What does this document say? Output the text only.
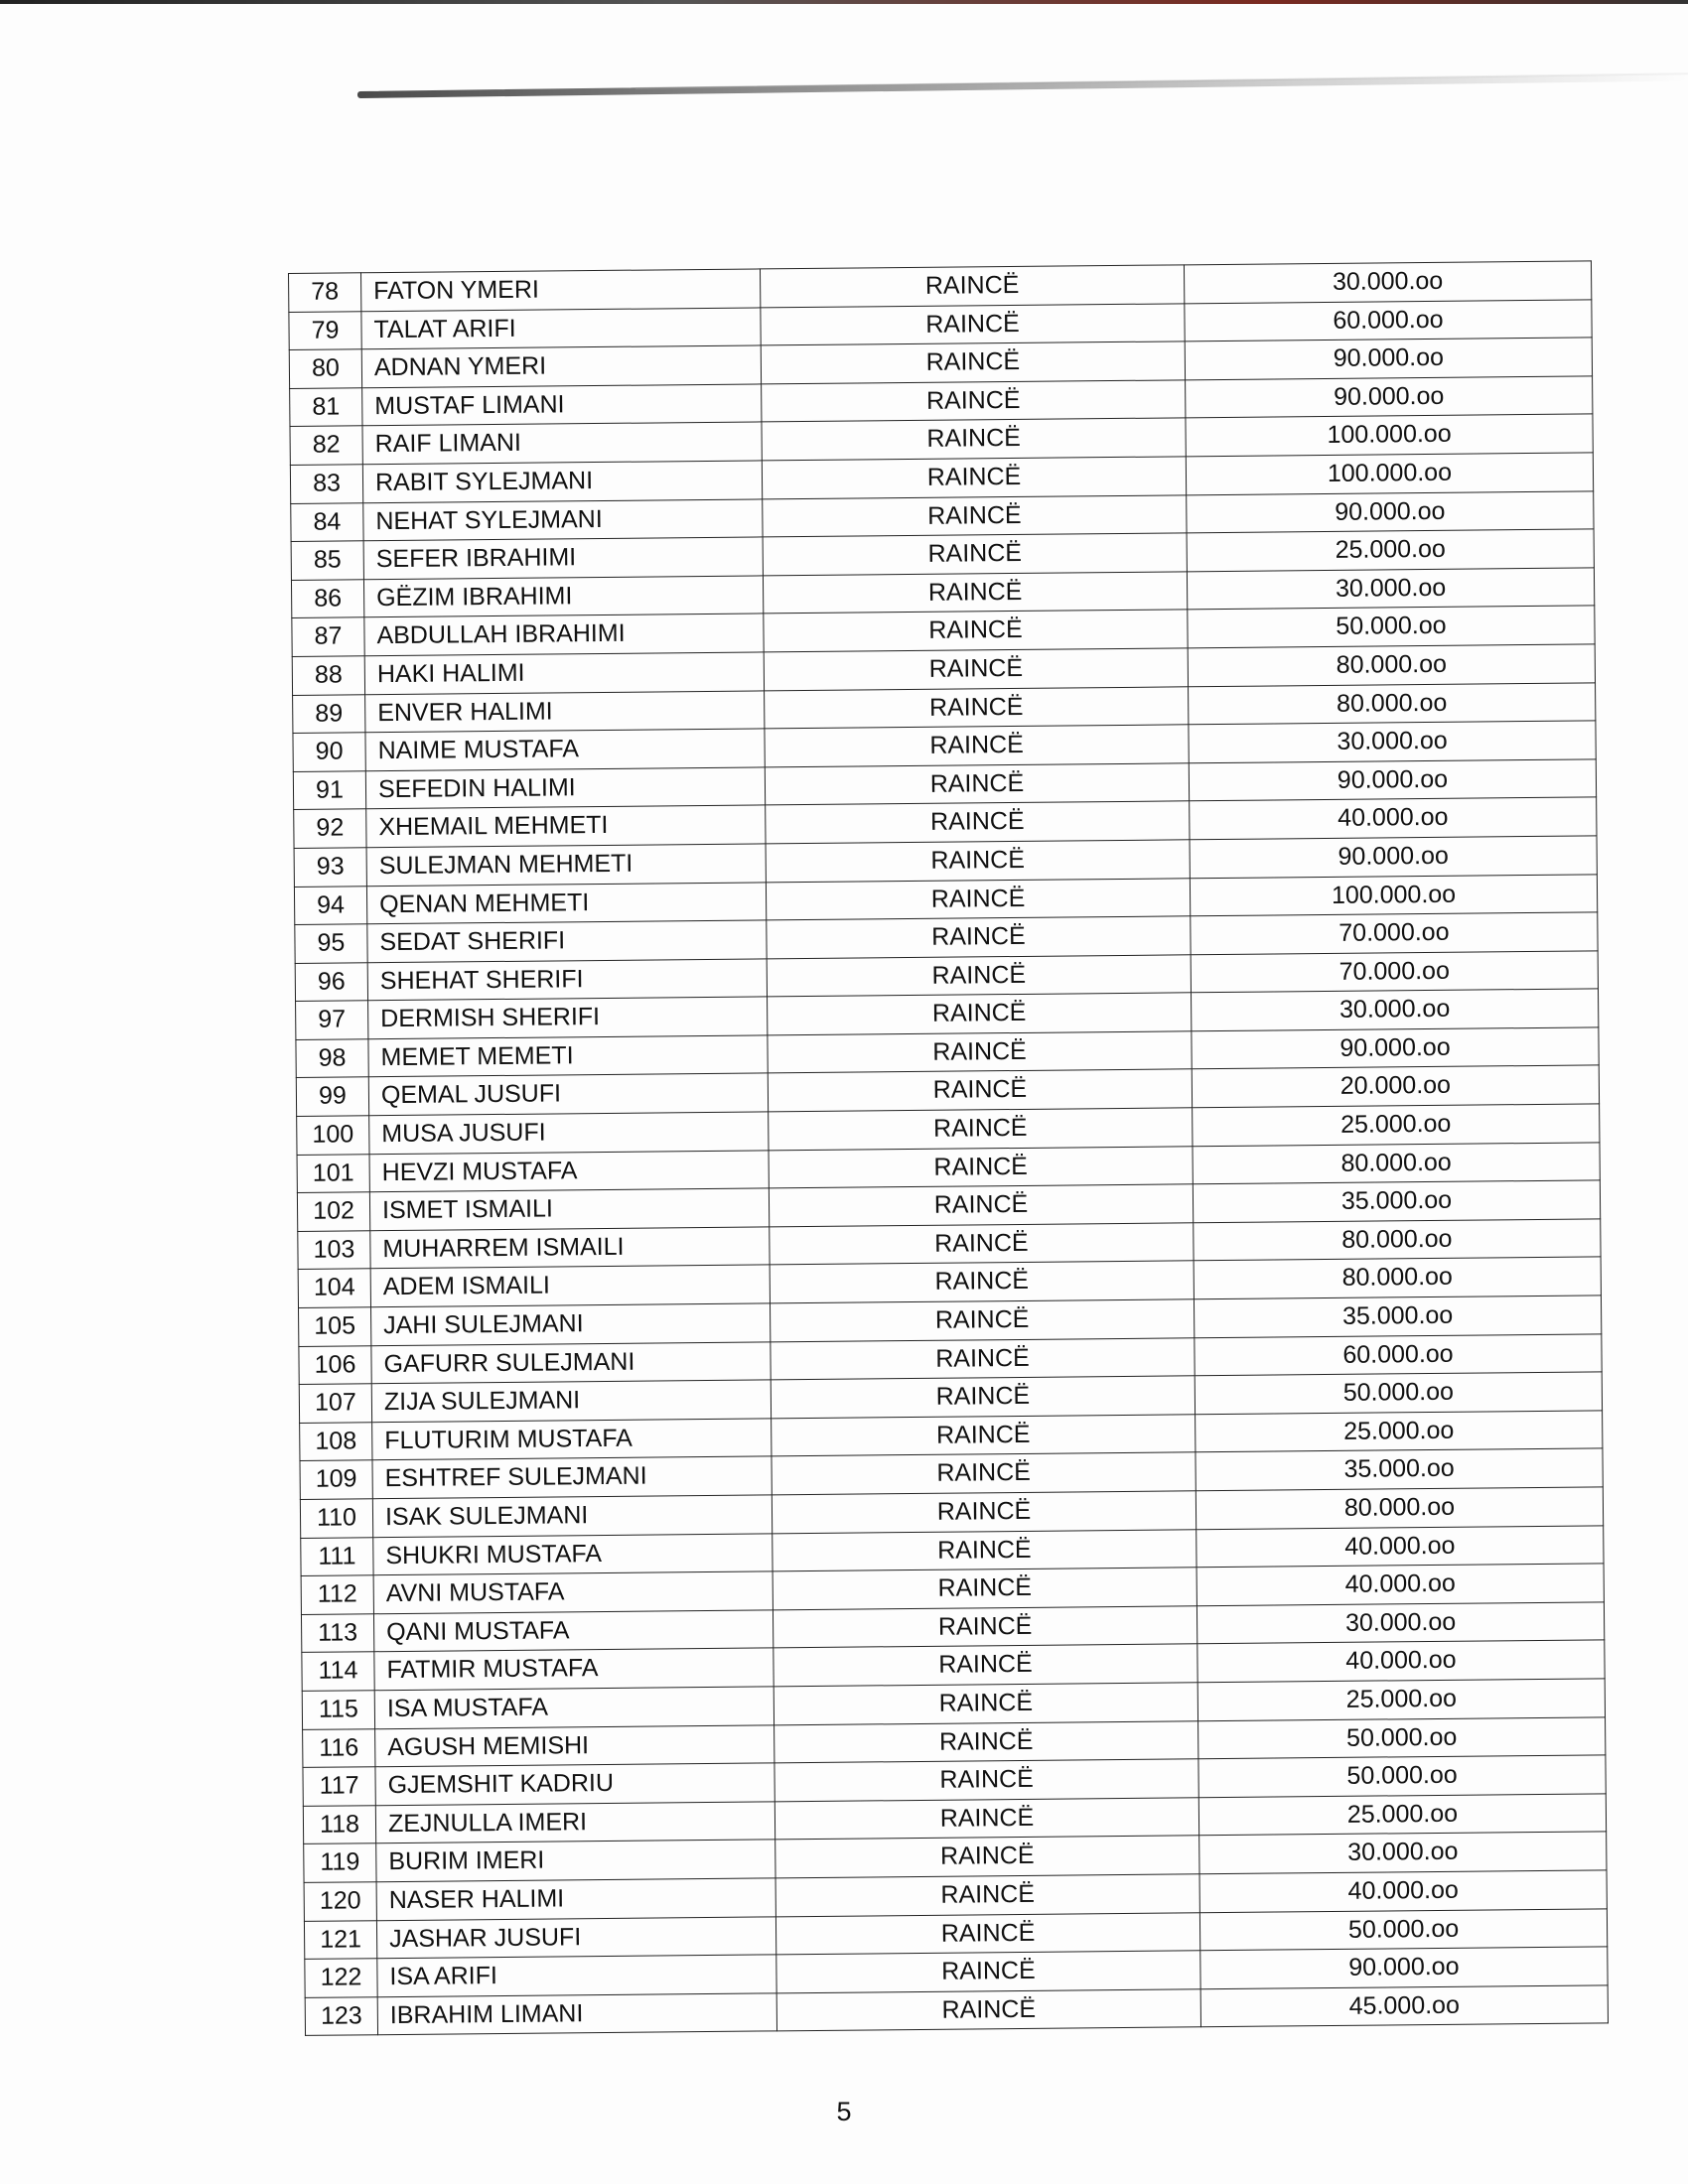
78	FATON YMERI	RAINCË	30.000.oo
79	TALAT ARIFI	RAINCË	60.000.oo
80	ADNAN YMERI	RAINCË	90.000.oo
81	MUSTAF LIMANI	RAINCË	90.000.oo
82	RAIF LIMANI	RAINCË	100.000.oo
83	RABIT SYLEJMANI	RAINCË	100.000.oo
84	NEHAT SYLEJMANI	RAINCË	90.000.oo
85	SEFER IBRAHIMI	RAINCË	25.000.oo
86	GËZIM IBRAHIMI	RAINCË	30.000.oo
87	ABDULLAH IBRAHIMI	RAINCË	50.000.oo
88	HAKI HALIMI	RAINCË	80.000.oo
89	ENVER HALIMI	RAINCË	80.000.oo
90	NAIME MUSTAFA	RAINCË	30.000.oo
91	SEFEDIN HALIMI	RAINCË	90.000.oo
92	XHEMAIL MEHMETI	RAINCË	40.000.oo
93	SULEJMAN MEHMETI	RAINCË	90.000.oo
94	QENAN MEHMETI	RAINCË	100.000.oo
95	SEDAT SHERIFI	RAINCË	70.000.oo
96	SHEHAT SHERIFI	RAINCË	70.000.oo
97	DERMISH SHERIFI	RAINCË	30.000.oo
98	MEMET MEMETI	RAINCË	90.000.oo
99	QEMAL JUSUFI	RAINCË	20.000.oo
100	MUSA JUSUFI	RAINCË	25.000.oo
101	HEVZI MUSTAFA	RAINCË	80.000.oo
102	ISMET ISMAILI	RAINCË	35.000.oo
103	MUHARREM ISMAILI	RAINCË	80.000.oo
104	ADEM ISMAILI	RAINCË	80.000.oo
105	JAHI SULEJMANI	RAINCË	35.000.oo
106	GAFURR SULEJMANI	RAINCË	60.000.oo
107	ZIJA SULEJMANI	RAINCË	50.000.oo
108	FLUTURIM MUSTAFA	RAINCË	25.000.oo
109	ESHTREF SULEJMANI	RAINCË	35.000.oo
110	ISAK SULEJMANI	RAINCË	80.000.oo
111	SHUKRI MUSTAFA	RAINCË	40.000.oo
112	AVNI MUSTAFA	RAINCË	40.000.oo
113	QANI MUSTAFA	RAINCË	30.000.oo
114	FATMIR MUSTAFA	RAINCË	40.000.oo
115	ISA MUSTAFA	RAINCË	25.000.oo
116	AGUSH MEMISHI	RAINCË	50.000.oo
117	GJEMSHIT KADRIU	RAINCË	50.000.oo
118	ZEJNULLA IMERI	RAINCË	25.000.oo
119	BURIM IMERI	RAINCË	30.000.oo
120	NASER HALIMI	RAINCË	40.000.oo
121	JASHAR JUSUFI	RAINCË	50.000.oo
122	ISA ARIFI	RAINCË	90.000.oo
123	IBRAHIM LIMANI	RAINCË	45.000.oo
5
